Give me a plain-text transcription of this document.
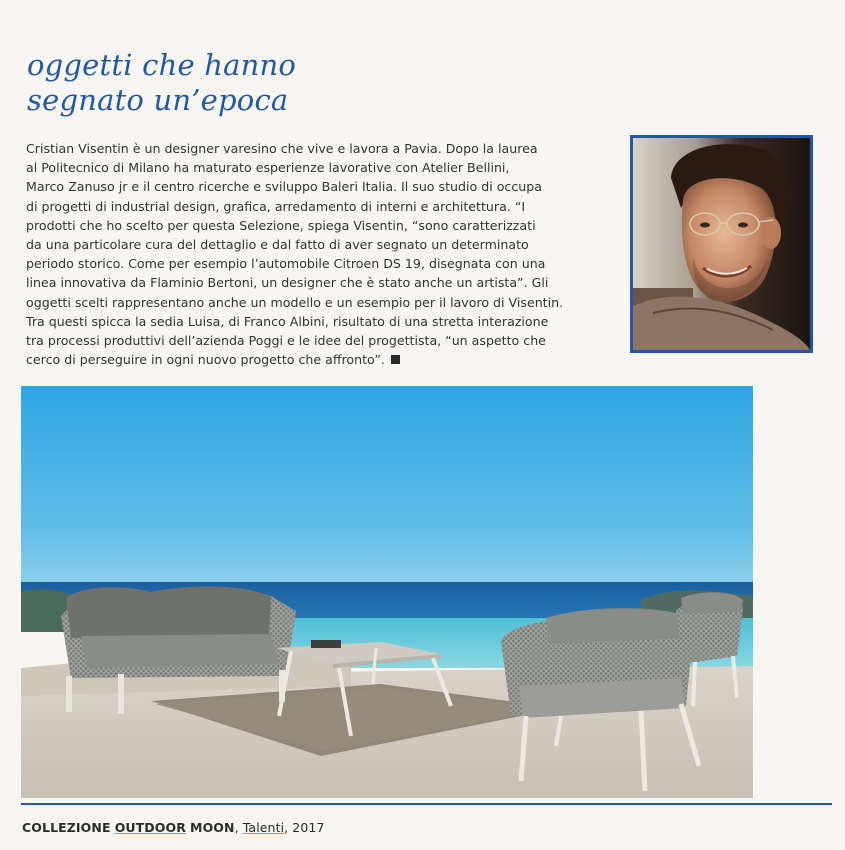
oggetti che hanno
segnato un’epoca

Cristian Visentin è un designer varesino che vive e lavora a Pavia. Dopo la laurea
al Politecnico di Milano ha maturato esperienze lavorative con Atelier Bellini,
Marco Zanuso jr e il centro ricerche e sviluppo Baleri Italia. Il suo studio di occupa
di progetti di industrial design, grafica, arredamento di interni e architettura. “I
prodotti che ho scelto per questa Selezione, spiega Visentin, “sono caratterizzati
da una particolare cura del dettaglio e dal fatto di aver segnato un determinato
periodo storico. Come per esempio l’automobile Citroen DS 19, disegnata con una
linea innovativa da Flaminio Bertoni, un designer che è stato anche un artista”. Gli
oggetti scelti rappresentano anche un modello e un esempio per il lavoro di Visentin.
Tra questi spicca la sedia Luisa, di Franco Albini, risultato di una stretta interazione
tra processi produttivi dell’azienda Poggi e le idee del progettista, “un aspetto che
cerco di perseguire in ogni nuovo progetto che affronto”.

COLLEZIONE OUTDOOR MOON, Talenti, 2017
